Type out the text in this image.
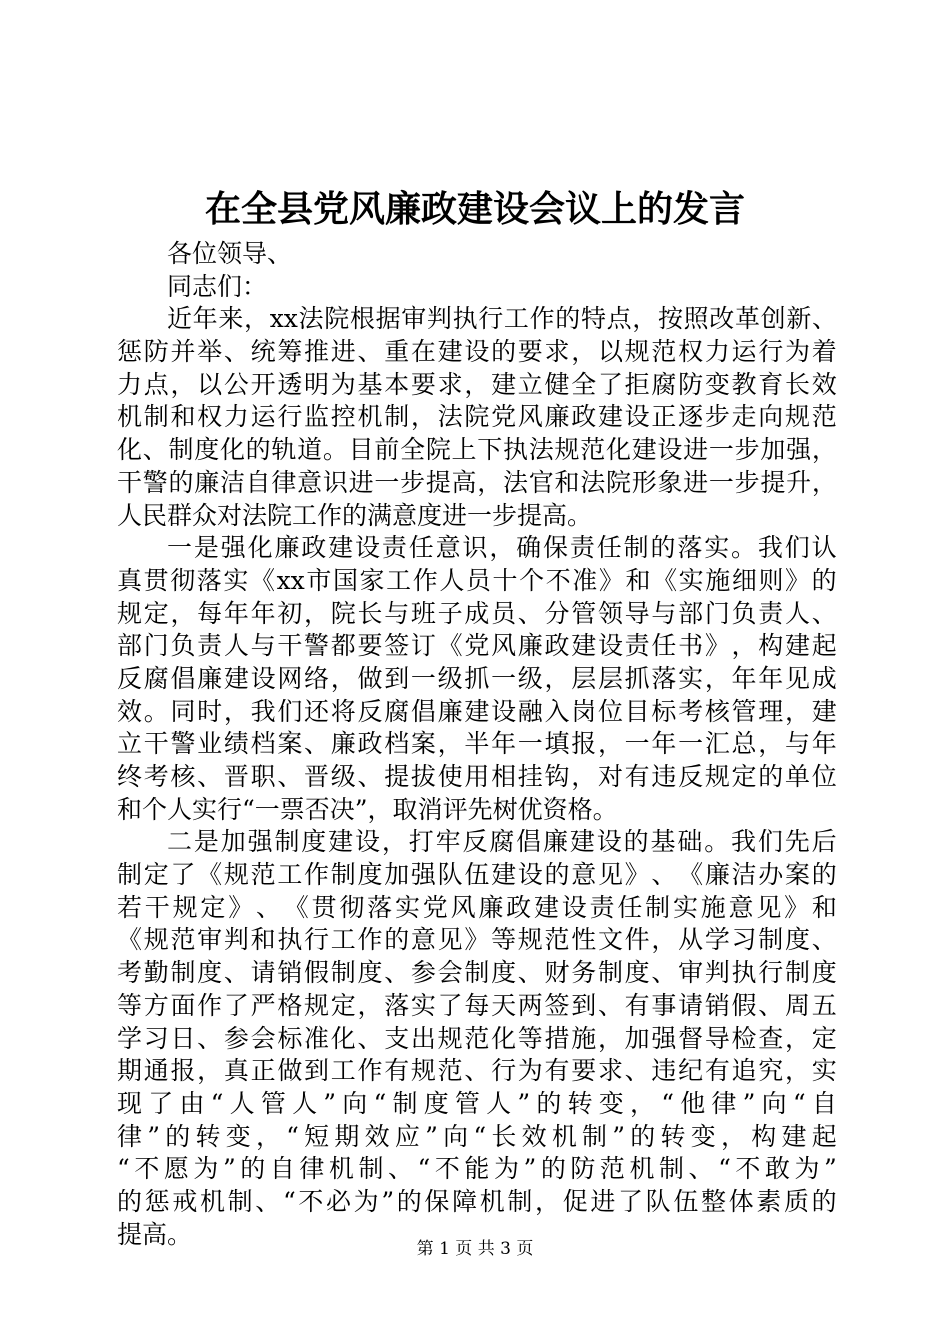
在全县党风廉政建设会议上的发言
各位领导、
同志们：
近 年 来 ， xx 法 院 根 据 审 判 执 行 工 作 的 特 点 ， 按 照 改 革 创 新 、
惩 防 并 举 、 统 筹 推 进 、 重 在 建 设 的 要 求 ， 以 规 范 权 力 运 行 为 着
力 点 ， 以 公 开 透 明 为 基 本 要 求 ， 建 立 健 全 了 拒 腐 防 变 教 育 长 效
机 制 和 权 力 运 行 监 控 机 制 ， 法 院 党 风 廉 政 建 设 正 逐 步 走 向 规 范
化 、 制 度 化 的 轨 道 。 目 前 全 院 上 下 执 法 规 范 化 建 设 进 一 步 加 强 ，
干 警 的 廉 洁 自 律 意 识 进 一 步 提 高 ， 法 官 和 法 院 形 象 进 一 步 提 升 ，
人民群众对法院工作的满意度进一步提高。
一 是 强 化 廉 政 建 设 责 任 意 识 ， 确 保 责 任 制 的 落 实 。 我 们 认
真 贯 彻 落 实 《 xx 市 国 家 工 作 人 员 十 个 不 准 》 和 《 实 施 细 则 》 的
规 定 ， 每 年 年 初 ， 院 长 与 班 子 成 员 、 分 管 领 导 与 部 门 负 责 人 、
部 门 负 责 人 与 干 警 都 要 签 订 《 党 风 廉 政 建 设 责 任 书 》 ， 构 建 起
反 腐 倡 廉 建 设 网 络 ， 做 到 一 级 抓 一 级 ， 层 层 抓 落 实 ， 年 年 见 成
效 。 同 时 ， 我 们 还 将 反 腐 倡 廉 建 设 融 入 岗 位 目 标 考 核 管 理 ， 建
立 干 警 业 绩 档 案 、 廉 政 档 案 ， 半 年 一 填 报 ， 一 年 一 汇 总 ， 与 年
终 考 核 、 晋 职 、 晋 级 、 提 拔 使 用 相 挂 钩 ， 对 有 违 反 规 定 的 单 位
和个人实行“一票否决”，取消评先树优资格。
二 是 加 强 制 度 建 设 ， 打 牢 反 腐 倡 廉 建 设 的 基 础 。 我 们 先 后
制 定 了 《 规 范 工 作 制 度 加 强 队 伍 建 设 的 意 见 》 、 《 廉 洁 办 案 的
若 干 规 定 》 、 《 贯 彻 落 实 党 风 廉 政 建 设 责 任 制 实 施 意 见 》 和
《 规 范 审 判 和 执 行 工 作 的 意 见 》 等 规 范 性 文 件 ， 从 学 习 制 度 、
考 勤 制 度 、 请 销 假 制 度 、 参 会 制 度 、 财 务 制 度 、 审 判 执 行 制 度
等 方 面 作 了 严 格 规 定 ， 落 实 了 每 天 两 签 到 、 有 事 请 销 假 、 周 五
学 习 日 、 参 会 标 准 化 、 支 出 规 范 化 等 措 施 ， 加 强 督 导 检 查 ， 定
期 通 报 ， 真 正 做 到 工 作 有 规 范 、 行 为 有 要 求 、 违 纪 有 追 究 ， 实
现 了 由 “ 人 管 人 ” 向 “ 制 度 管 人 ” 的 转 变 ， “ 他 律 ” 向 “ 自
律 ” 的 转 变 ， “ 短 期 效 应 ” 向 “ 长 效 机 制 ” 的 转 变 ， 构 建 起
“ 不 愿 为 ” 的 自 律 机 制 、 “ 不 能 为 ” 的 防 范 机 制 、 “ 不 敢 为 ”
的 惩 戒 机 制 、 “ 不 必 为 ” 的 保 障 机 制 ， 促 进 了 队 伍 整 体 素 质 的
提高。
第 1 页 共 3 页
